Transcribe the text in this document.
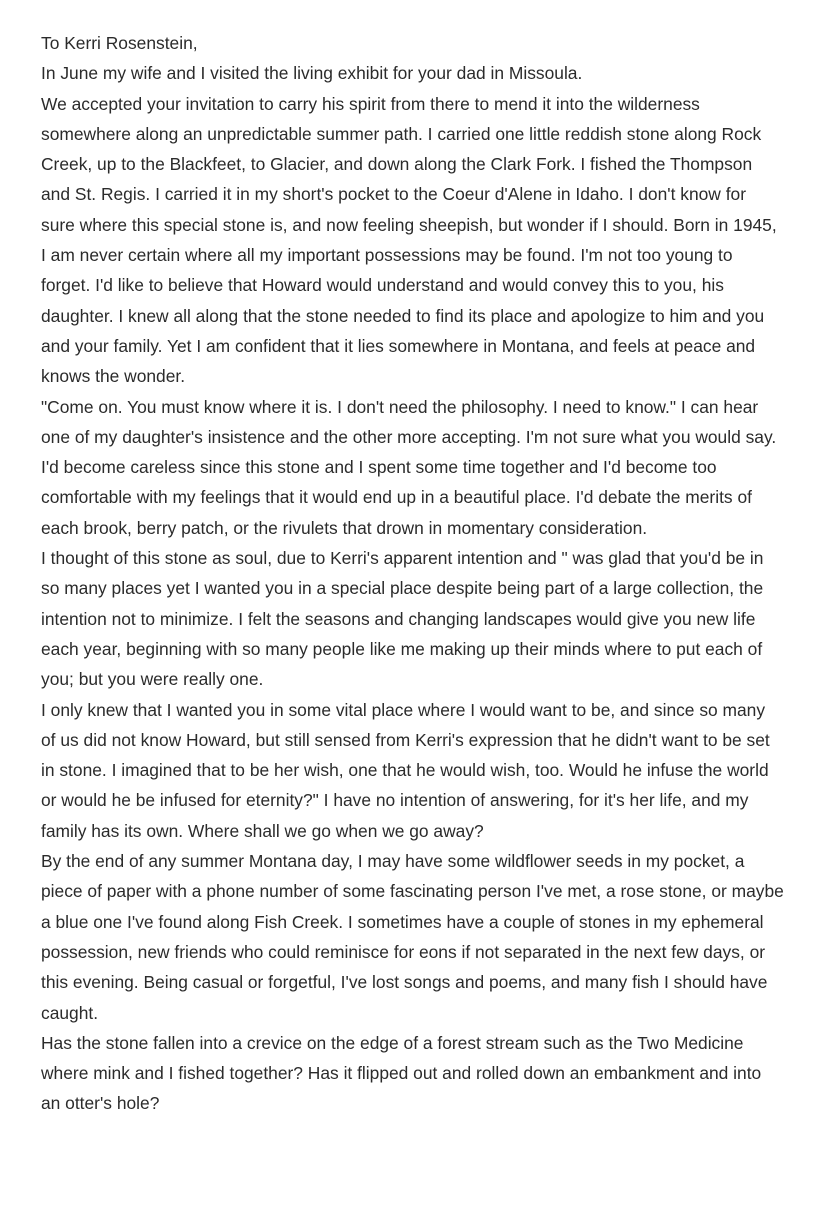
To Kerri Rosenstein,

In June my wife and I visited the living exhibit for your dad in Missoula.

We accepted your invitation to carry his spirit from there to mend it into the wilderness somewhere along an unpredictable summer path. I carried one little reddish stone along Rock Creek, up to the Blackfeet, to Glacier, and down along the Clark Fork. I fished the Thompson and St. Regis. I carried it in my short's pocket to the Coeur d'Alene in Idaho. I don't know for sure where this special stone is, and now feeling sheepish, but wonder if I should. Born in 1945, I am never certain where all my important possessions may be found. I'm not too young to forget. I'd like to believe that Howard would understand and would convey this to you, his daughter. I knew all along that the stone needed to find its place and apologize to him and you and your family. Yet I am confident that it lies somewhere in Montana, and feels at peace and knows the wonder.

"Come on. You must know where it is. I don't need the philosophy. I need to know." I can hear one of my daughter's insistence and the other more accepting. I'm not sure what you would say.

I'd become careless since this stone and I spent some time together and I'd become too comfortable with my feelings that it would end up in a beautiful place. I'd debate the merits of each brook, berry patch, or the rivulets that drown in momentary consideration.

I thought of this stone as soul, due to Kerri's apparent intention and " was glad that you'd be in so many places yet I wanted you in a special place despite being part of a large collection, the intention not to minimize. I felt the seasons and changing landscapes would give you new life each year, beginning with so many people like me making up their minds where to put each of you; but you were really one.

I only knew that I wanted you in some vital place where I would want to be, and since so many of us did not know Howard, but still sensed from Kerri's expression that he didn't want to be set in stone. I imagined that to be her wish, one that he would wish, too. Would he infuse the world or would he be infused for eternity?" I have no intention of answering, for it's her life, and my family has its own. Where shall we go when we go away?

By the end of any summer Montana day, I may have some wildflower seeds in my pocket, a piece of paper with a phone number of some fascinating person I've met, a rose stone, or maybe a blue one I've found along Fish Creek. I sometimes have a couple of stones in my ephemeral possession, new friends who could reminisce for eons if not separated in the next few days, or this evening. Being casual or forgetful, I've lost songs and poems, and many fish I should have caught.

Has the stone fallen into a crevice on the edge of a forest stream such as the Two Medicine where mink and I fished together? Has it flipped out and rolled down an embankment and into an otter's hole?
